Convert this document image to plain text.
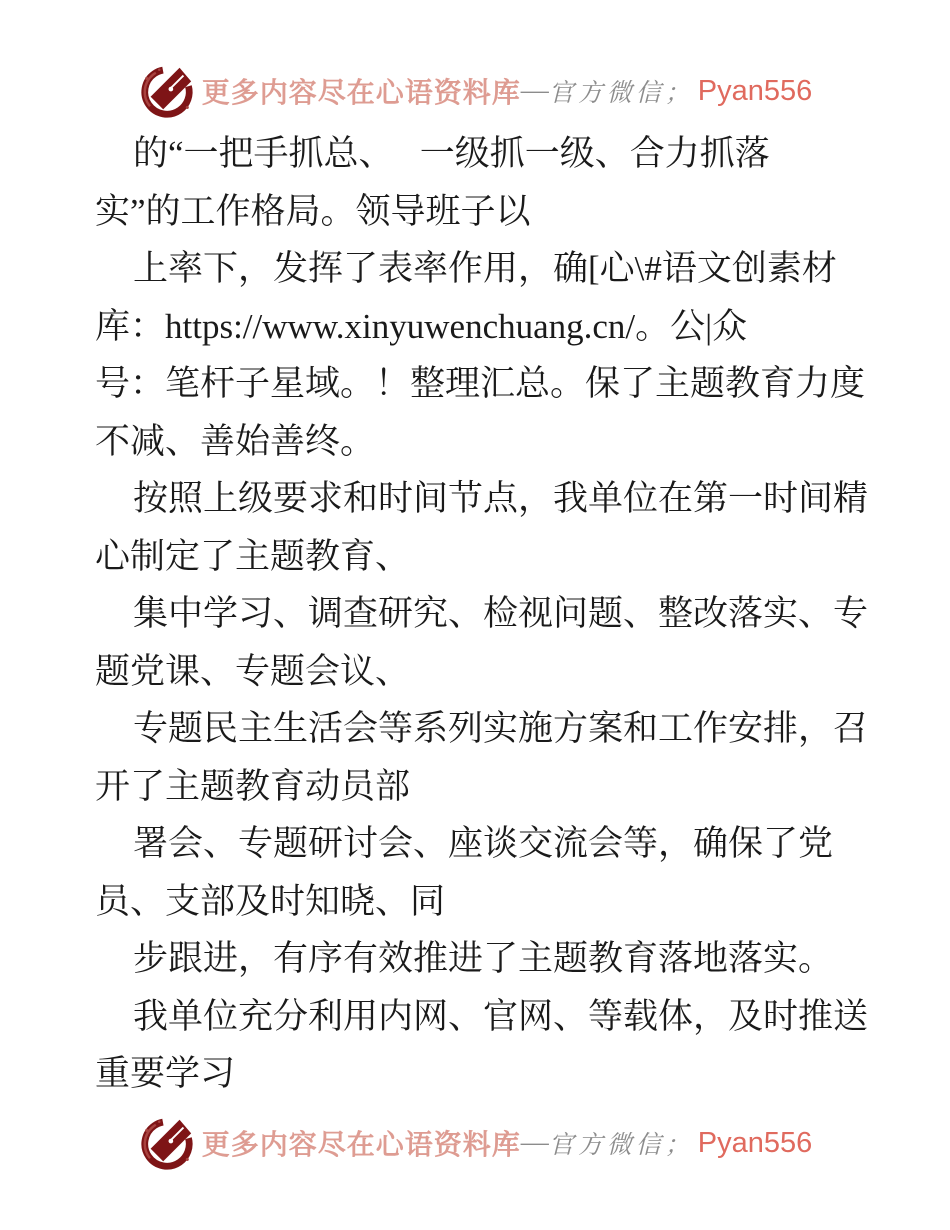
更多内容尽在心语资料库 — 官方微信； Pyan556
的“一把手抓总、　 一级抓一级、合力抓落
实”的工作格局。领导班子以
上率下，发挥了表率作用，确[心\#语文创素材
库：https://www.xinyuwenchuang.cn/。公|众
号：笔杆子星域。！整理汇总。保了主题教育力度
不减、善始善终。
按照上级要求和时间节点，我单位在第一时间精
心制定了主题教育、
集中学习、调查研究、检视问题、整改落实、专
题党课、专题会议、
专题民主生活会等系列实施方案和工作安排，召
开了主题教育动员部
署会、专题研讨会、座谈交流会等，确保了党
员、支部及时知晓、同
步跟进，有序有效推进了主题教育落地落实。
我单位充分利用内网、官网、等载体，及时推送
重要学习
更多内容尽在心语资料库 — 官方微信； Pyan556
